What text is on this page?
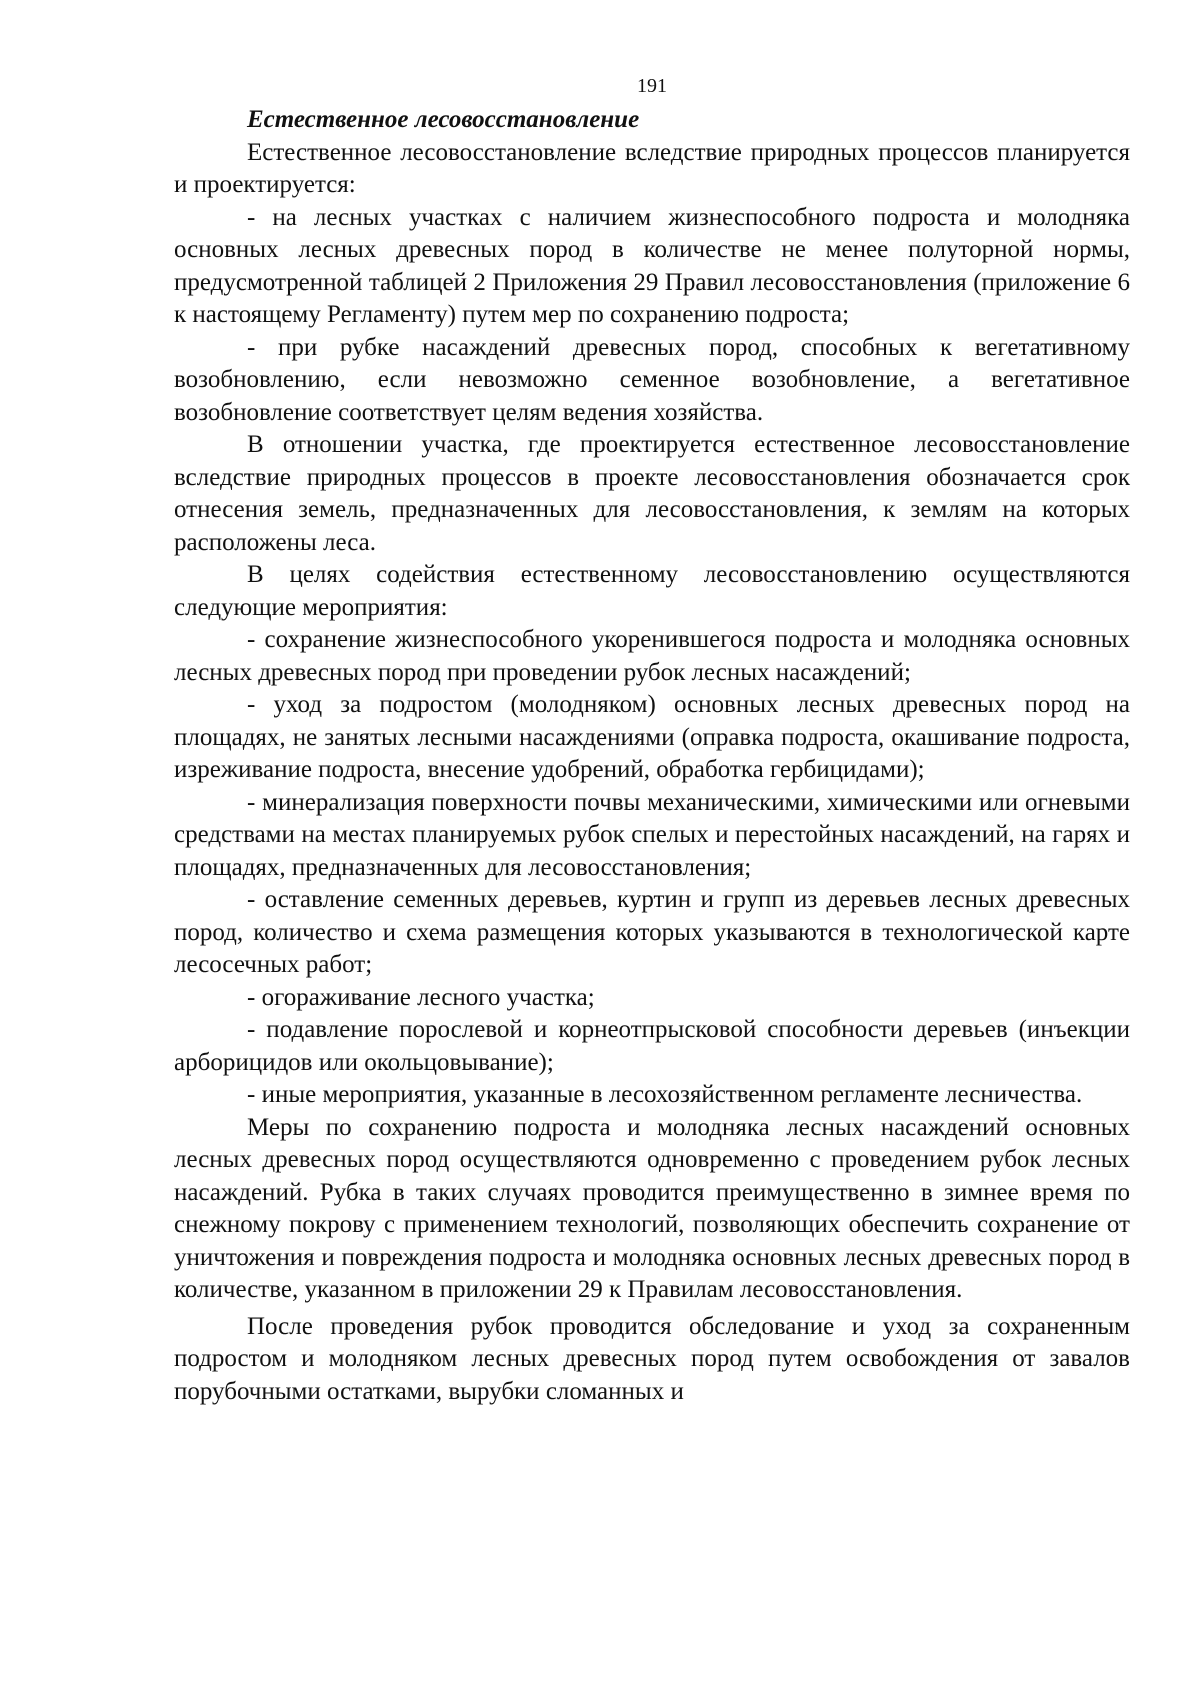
191

Естественное лесовосстановление

Естественное лесовосстановление вследствие природных процессов планируется и проектируется:

- на лесных участках с наличием жизнеспособного подроста и молодняка основных лесных древесных пород в количестве не менее полуторной нормы, предусмотренной таблицей 2 Приложения 29 Правил лесовосстановления (приложение 6 к настоящему Регламенту) путем мер по сохранению подроста;

- при рубке насаждений древесных пород, способных к вегетативному возобновлению, если невозможно семенное возобновление, а вегетативное возобновление соответствует целям ведения хозяйства.

В отношении участка, где проектируется естественное лесовосстановление вследствие природных процессов в проекте лесовосстановления обозначается срок отнесения земель, предназначенных для лесовосстановления, к землям на которых расположены леса.

В целях содействия естественному лесовосстановлению осуществляются следующие мероприятия:

- сохранение жизнеспособного укоренившегося подроста и молодняка основных лесных древесных пород при проведении рубок лесных насаждений;

- уход за подростом (молодняком) основных лесных древесных пород на площадях, не занятых лесными насаждениями (оправка подроста, окашивание подроста, изреживание подроста, внесение удобрений, обработка гербицидами);

- минерализация поверхности почвы механическими, химическими или огневыми средствами на местах планируемых рубок спелых и перестойных насаждений, на гарях и площадях, предназначенных для лесовосстановления;

- оставление семенных деревьев, куртин и групп из деревьев лесных древесных пород, количество и схема размещения которых указываются в технологической карте лесосечных работ;

- огораживание лесного участка;

- подавление порослевой и корнеотпрысковой способности деревьев (инъекции арборицидов или окольцовывание);

- иные мероприятия, указанные в лесохозяйственном регламенте лесничества.

Меры по сохранению подроста и молодняка лесных насаждений основных лесных древесных пород осуществляются одновременно с проведением рубок лесных насаждений. Рубка в таких случаях проводится преимущественно в зимнее время по снежному покрову с применением технологий, позволяющих обеспечить сохранение от уничтожения и повреждения подроста и молодняка основных лесных древесных пород в количестве, указанном в приложении 29 к Правилам лесовосстановления.

После проведения рубок проводится обследование и уход за сохраненным подростом и молодняком лесных древесных пород путем освобождения от завалов порубочными остатками, вырубки сломанных и
